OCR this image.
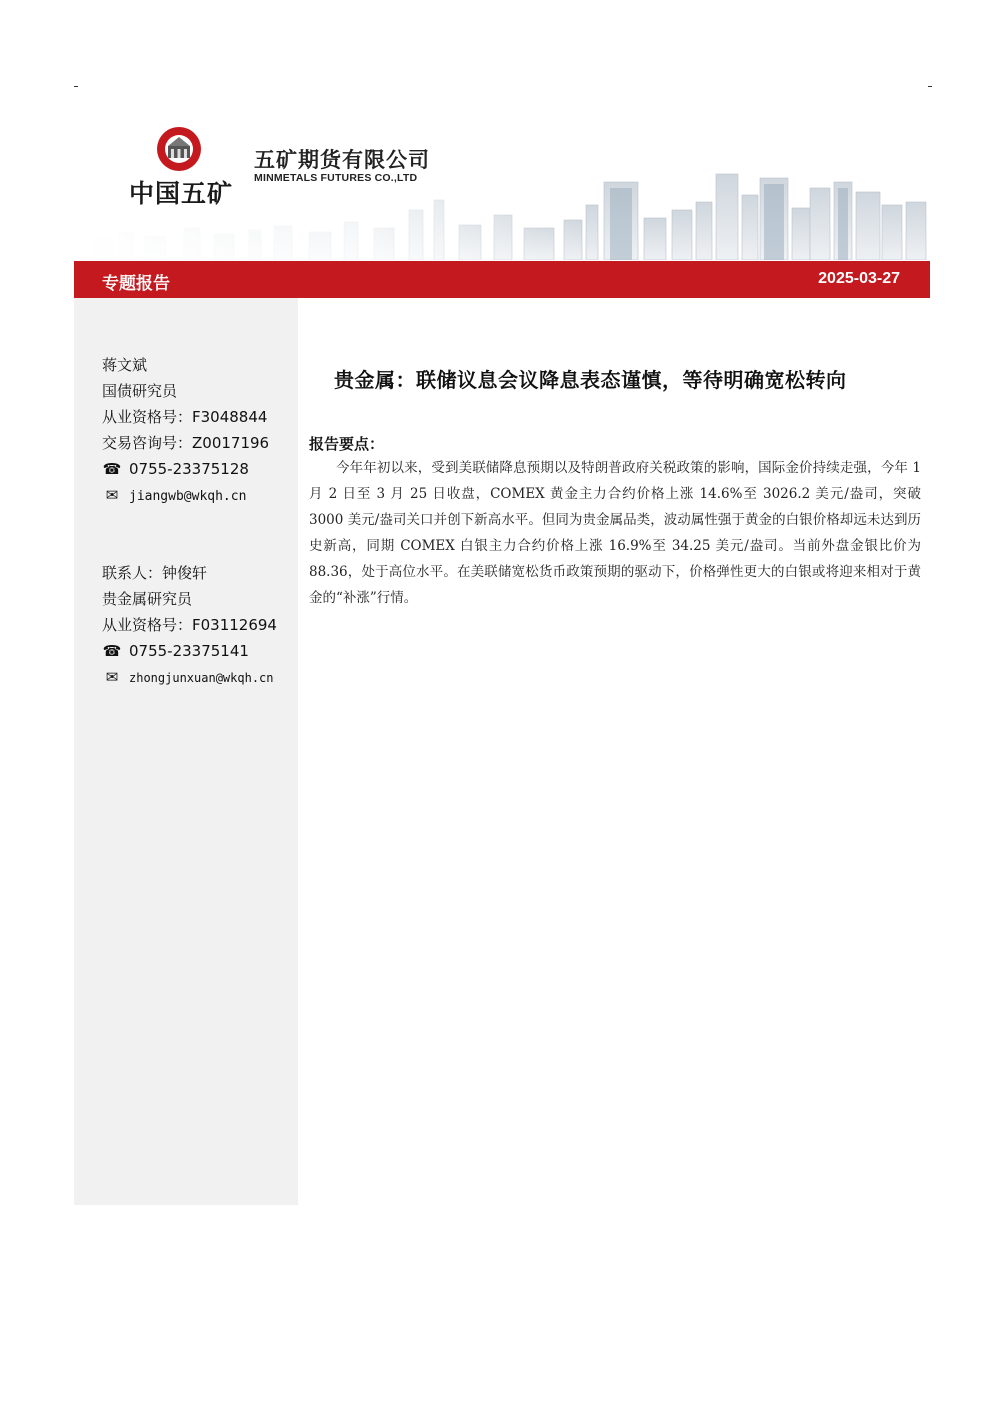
中国五矿
五矿期货有限公司
MINMETALS FUTURES CO.,LTD
专题报告	2025-03-27
蒋文斌
国债研究员
从业资格号：F3048844
交易咨询号：Z0017196
☎ 0755-23375128
✉ jiangwb@wkqh.cn
联系人：钟俊轩
贵金属研究员
从业资格号：F03112694
☎ 0755-23375141
✉ zhongjunxuan@wkqh.cn
贵金属：联储议息会议降息表态谨慎，等待明确宽松转向
报告要点：
今年年初以来，受到美联储降息预期以及特朗普政府关税政策的影响，国际金价持续走强，今年 1 月 2 日至 3 月 25 日收盘，COMEX 黄金主力合约价格上涨 14.6%至 3026.2 美元/盎司，突破 3000 美元/盎司关口并创下新高水平。但同为贵金属品类，波动属性强于黄金的白银价格却远未达到历史新高，同期 COMEX 白银主力合约价格上涨 16.9%至 34.25 美元/盎司。当前外盘金银比价为 88.36，处于高位水平。在美联储宽松货币政策预期的驱动下，价格弹性更大的白银或将迎来相对于黄金的“补涨”行情。
